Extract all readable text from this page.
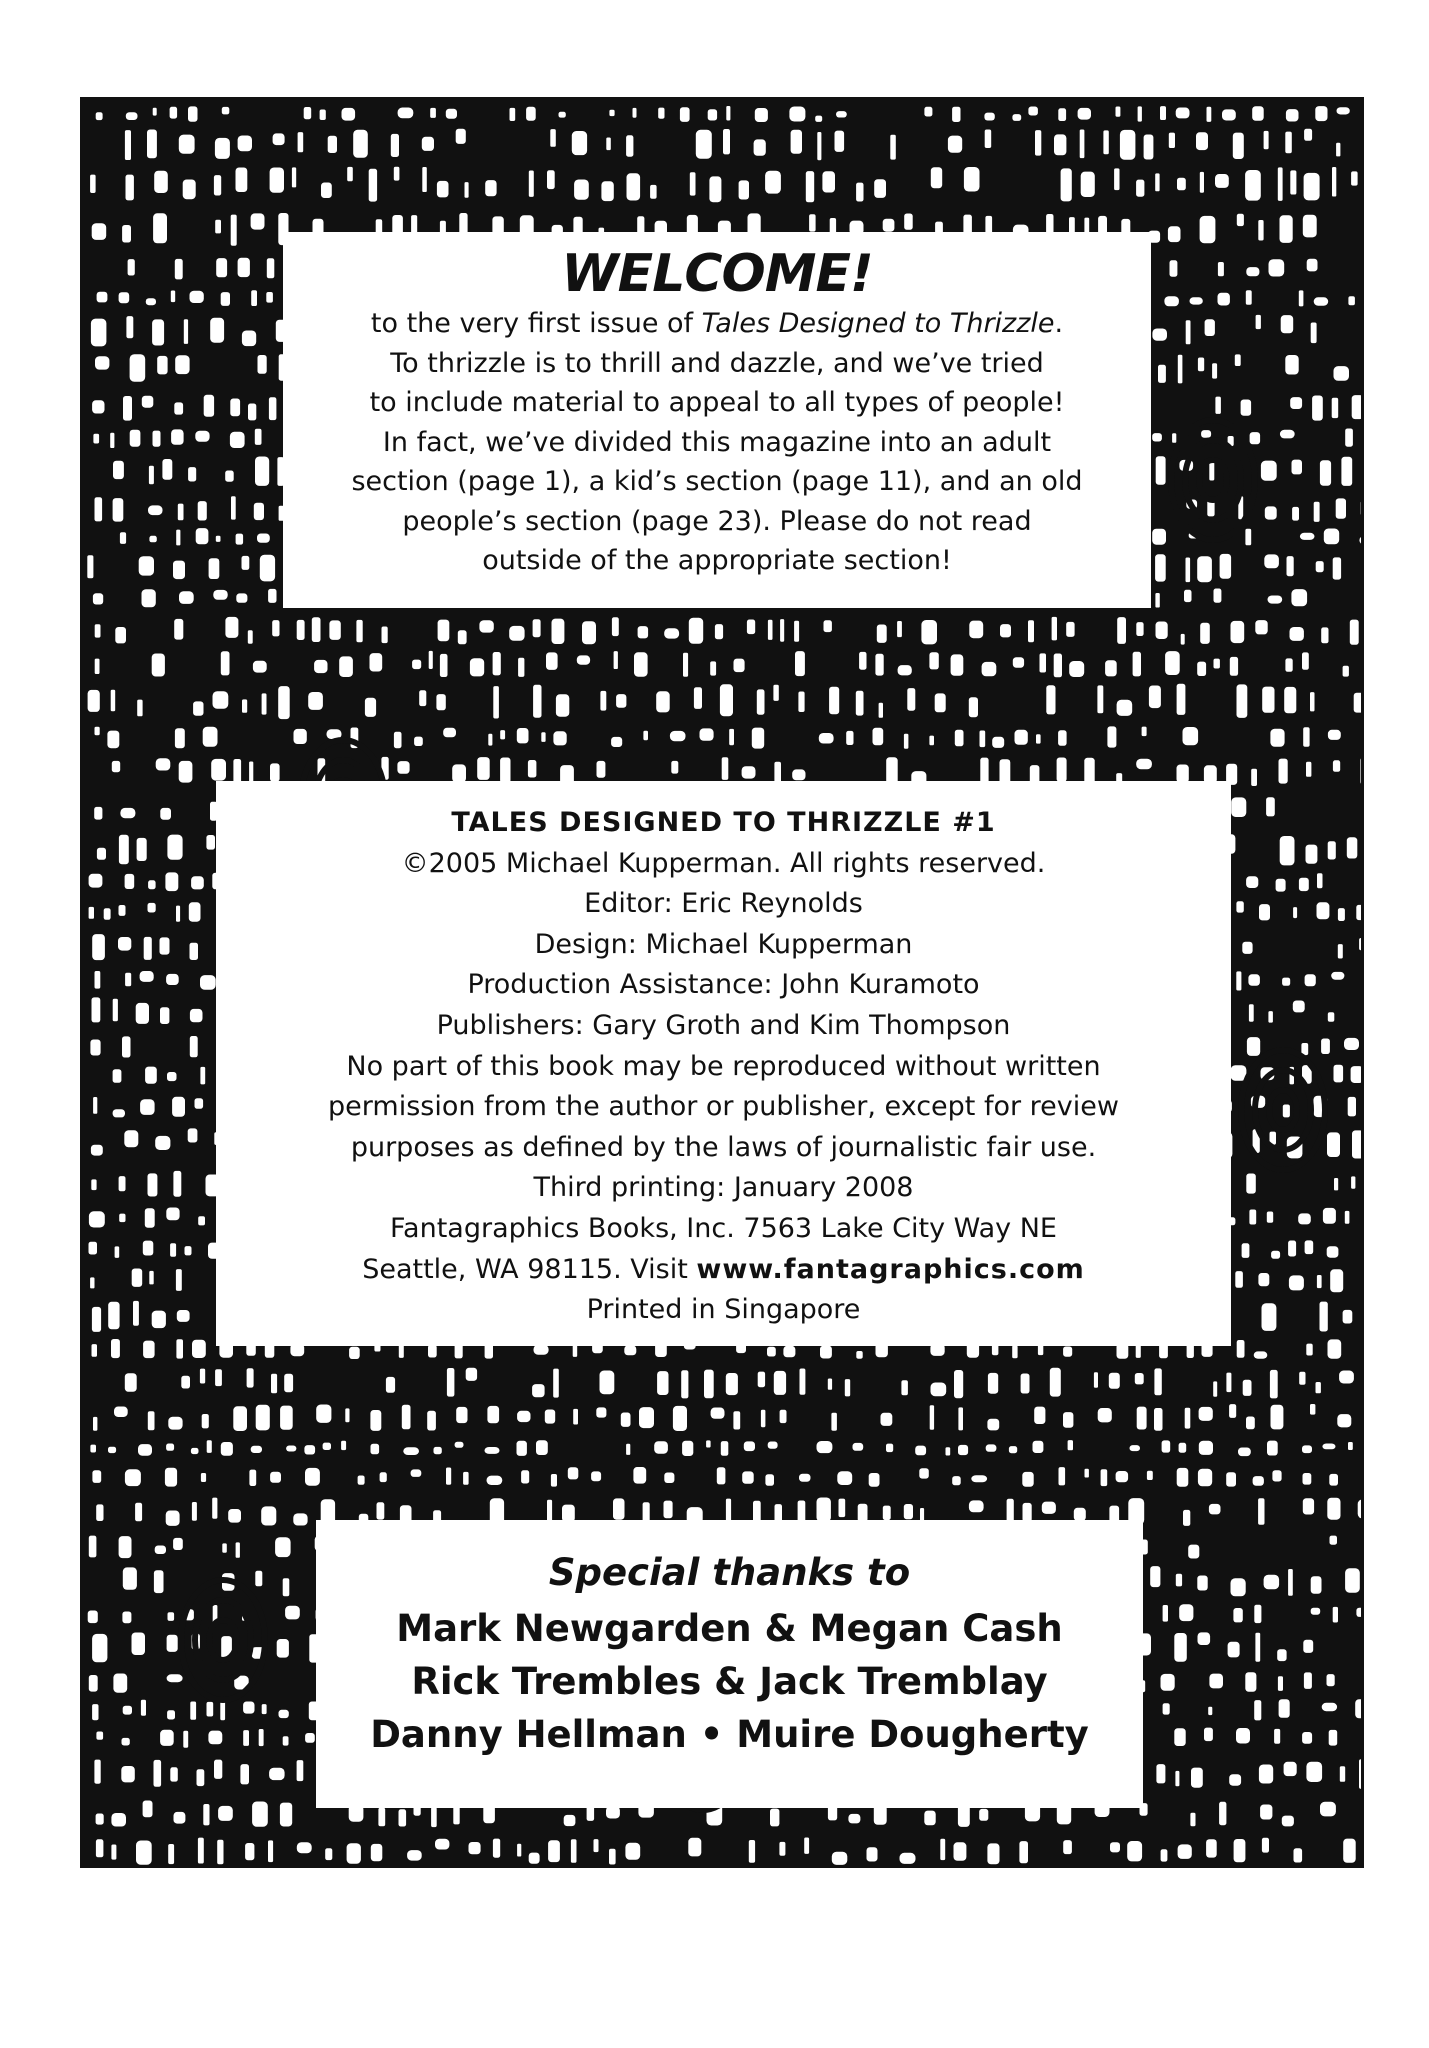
WELCOME!
to the very first issue of Tales Designed to Thrizzle.
To thrizzle is to thrill and dazzle, and we’ve tried
to include material to appeal to all types of people!
In fact, we’ve divided this magazine into an adult
section (page 1), a kid’s section (page 11), and an old
people’s section (page 23). Please do not read
outside of the appropriate section!
TALES DESIGNED TO THRIZZLE #1
©2005 Michael Kupperman. All rights reserved.
Editor: Eric Reynolds
Design: Michael Kupperman
Production Assistance: John Kuramoto
Publishers: Gary Groth and Kim Thompson
No part of this book may be reproduced without written
permission from the author or publisher, except for review
purposes as defined by the laws of journalistic fair use.
Third printing: January 2008
Fantagraphics Books, Inc. 7563 Lake City Way NE
Seattle, WA 98115. Visit www.fantagraphics.com
Printed in Singapore
Special thanks to
Mark Newgarden & Megan Cash
Rick Trembles & Jack Tremblay
Danny Hellman • Muire Dougherty
